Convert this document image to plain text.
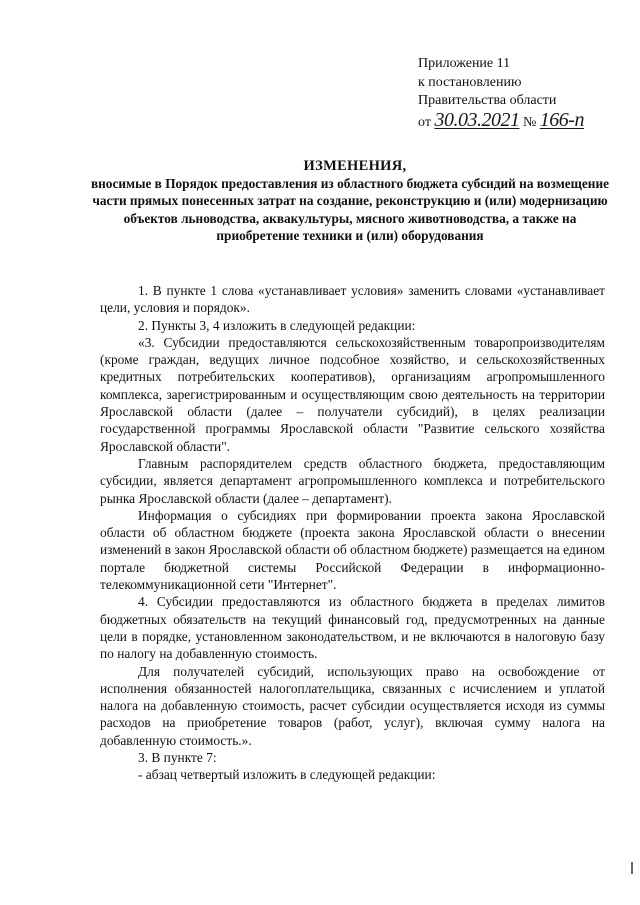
Приложение 11
к постановлению
Правительства области
от 30.03.2021 № 166-п
ИЗМЕНЕНИЯ,
вносимые в Порядок предоставления из областного бюджета субсидий на возмещение части прямых понесенных затрат на создание, реконструкцию и (или) модернизацию объектов льноводства, аквакультуры, мясного животноводства, а также на приобретение техники и (или) оборудования

1. В пункте 1 слова «устанавливает условия» заменить словами «устанавливает цели, условия и порядок».

2. Пункты 3, 4 изложить в следующей редакции:

«3. Субсидии предоставляются сельскохозяйственным товаропроизводителям (кроме граждан, ведущих личное подсобное хозяйство, и сельскохозяйственных кредитных потребительских кооперативов), организациям агропромышленного комплекса, зарегистрированным и осуществляющим свою деятельность на территории Ярославской области (далее – получатели субсидий), в целях реализации государственной программы Ярославской области "Развитие сельского хозяйства Ярославской области".

Главным распорядителем средств областного бюджета, предоставляющим субсидии, является департамент агропромышленного комплекса и потребительского рынка Ярославской области (далее – департамент).

Информация о субсидиях при формировании проекта закона Ярославской области об областном бюджете (проекта закона Ярославской области о внесении изменений в закон Ярославской области об областном бюджете) размещается на едином портале бюджетной системы Российской Федерации в информационно-телекоммуникационной сети "Интернет".

4. Субсидии предоставляются из областного бюджета в пределах лимитов бюджетных обязательств на текущий финансовый год, предусмотренных на данные цели в порядке, установленном законодательством, и не включаются в налоговую базу по налогу на добавленную стоимость.

Для получателей субсидий, использующих право на освобождение от исполнения обязанностей налогоплательщика, связанных с исчислением и уплатой налога на добавленную стоимость, расчет субсидии осуществляется исходя из суммы расходов на приобретение товаров (работ, услуг), включая сумму налога на добавленную стоимость.».

3. В пункте 7:

- абзац четвертый изложить в следующей редакции:
